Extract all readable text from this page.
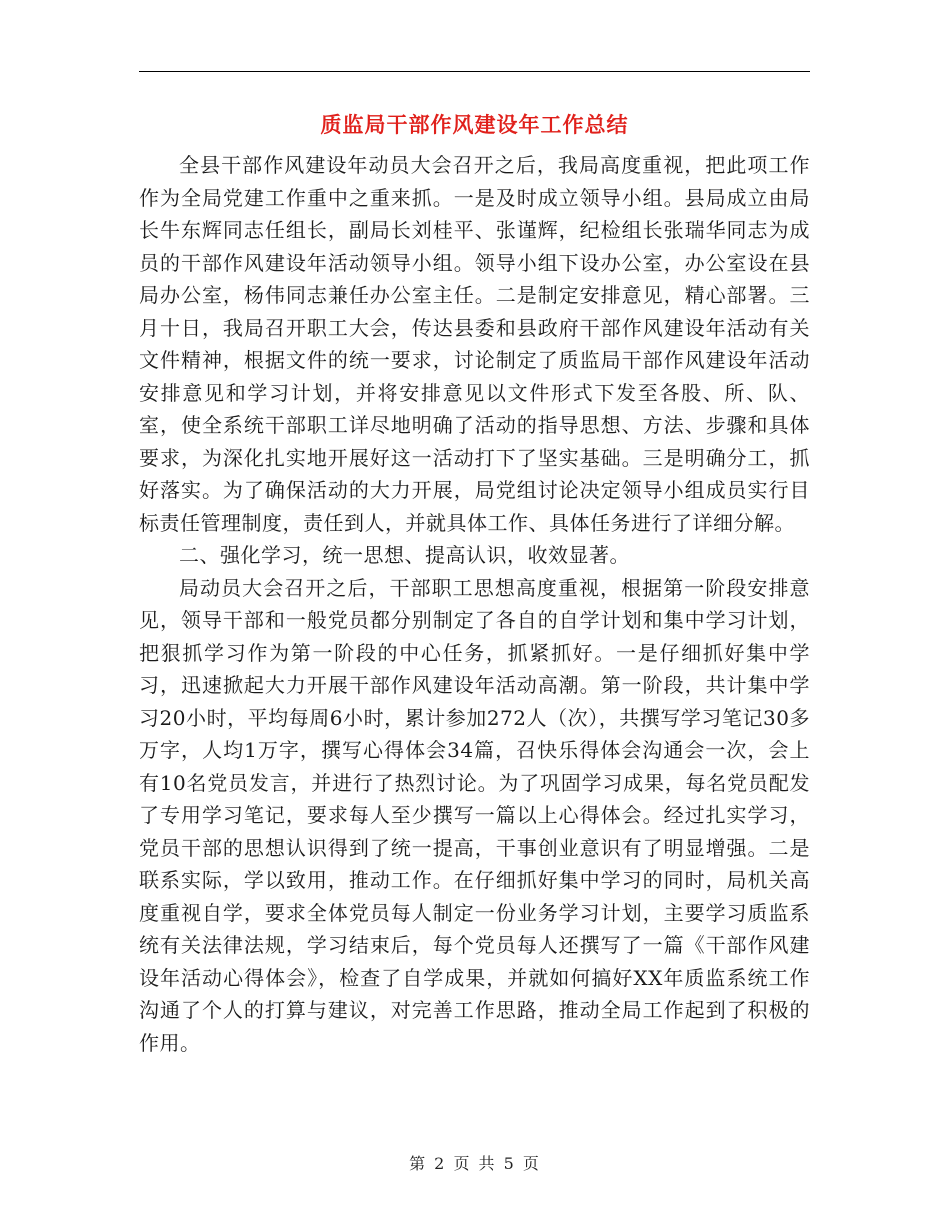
质监局干部作风建设年工作总结

全县干部作风建设年动员大会召开之后，我局高度重视，把此项工作作为全局党建工作重中之重来抓。一是及时成立领导小组。县局成立由局长牛东辉同志任组长，副局长刘桂平、张谨辉，纪检组长张瑞华同志为成员的干部作风建设年活动领导小组。领导小组下设办公室，办公室设在县局办公室，杨伟同志兼任办公室主任。二是制定安排意见，精心部署。三月十日，我局召开职工大会，传达县委和县政府干部作风建设年活动有关文件精神，根据文件的统一要求，讨论制定了质监局干部作风建设年活动安排意见和学习计划，并将安排意见以文件形式下发至各股、所、队、室，使全系统干部职工详尽地明确了活动的指导思想、方法、步骤和具体要求，为深化扎实地开展好这一活动打下了坚实基础。三是明确分工，抓好落实。为了确保活动的大力开展，局党组讨论决定领导小组成员实行目标责任管理制度，责任到人，并就具体工作、具体任务进行了详细分解。

二、强化学习，统一思想、提高认识，收效显著。

局动员大会召开之后，干部职工思想高度重视，根据第一阶段安排意见，领导干部和一般党员都分别制定了各自的自学计划和集中学习计划，把狠抓学习作为第一阶段的中心任务，抓紧抓好。一是仔细抓好集中学习，迅速掀起大力开展干部作风建设年活动高潮。第一阶段，共计集中学习20小时，平均每周6小时，累计参加272人（次），共撰写学习笔记30多万字，人均1万字，撰写心得体会34篇，召快乐得体会沟通会一次，会上有10名党员发言，并进行了热烈讨论。为了巩固学习成果，每名党员配发了专用学习笔记，要求每人至少撰写一篇以上心得体会。经过扎实学习，党员干部的思想认识得到了统一提高，干事创业意识有了明显增强。二是联系实际，学以致用，推动工作。在仔细抓好集中学习的同时，局机关高度重视自学，要求全体党员每人制定一份业务学习计划，主要学习质监系统有关法律法规，学习结束后，每个党员每人还撰写了一篇《干部作风建设年活动心得体会》，检查了自学成果，并就如何搞好XX年质监系统工作沟通了个人的打算与建议，对完善工作思路，推动全局工作起到了积极的作用。

第 2 页 共 5 页
